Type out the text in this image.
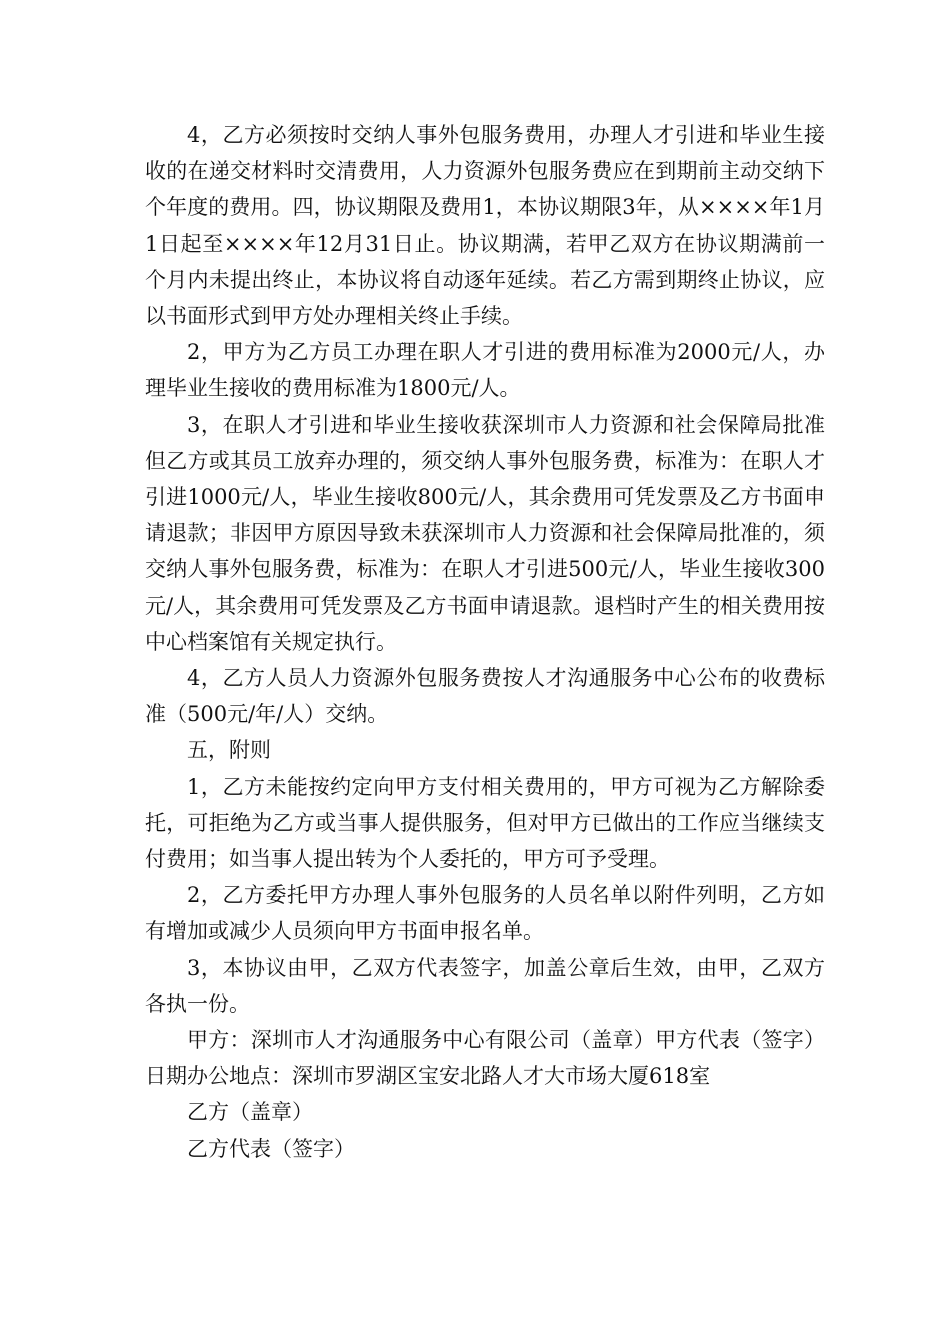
4，乙方必须按时交纳人事外包服务费用，办理人才引进和毕业生接收的在递交材料时交清费用，人力资源外包服务费应在到期前主动交纳下个年度的费用。四，协议期限及费用1，本协议期限3年，从××××年1月1日起至××××年12月31日止。协议期满，若甲乙双方在协议期满前一个月内未提出终止，本协议将自动逐年延续。若乙方需到期终止协议，应以书面形式到甲方处办理相关终止手续。

2，甲方为乙方员工办理在职人才引进的费用标准为2000元/人，办理毕业生接收的费用标准为1800元/人。

3，在职人才引进和毕业生接收获深圳市人力资源和社会保障局批准但乙方或其员工放弃办理的，须交纳人事外包服务费，标准为：在职人才引进1000元/人，毕业生接收800元/人，其余费用可凭发票及乙方书面申请退款；非因甲方原因导致未获深圳市人力资源和社会保障局批准的，须交纳人事外包服务费，标准为：在职人才引进500元/人，毕业生接收300元/人，其余费用可凭发票及乙方书面申请退款。退档时产生的相关费用按中心档案馆有关规定执行。

4，乙方人员人力资源外包服务费按人才沟通服务中心公布的收费标准（500元/年/人）交纳。

五，附则

1，乙方未能按约定向甲方支付相关费用的，甲方可视为乙方解除委托，可拒绝为乙方或当事人提供服务，但对甲方已做出的工作应当继续支付费用；如当事人提出转为个人委托的，甲方可予受理。

2，乙方委托甲方办理人事外包服务的人员名单以附件列明，乙方如有增加或减少人员须向甲方书面申报名单。

3，本协议由甲，乙双方代表签字，加盖公章后生效，由甲，乙双方各执一份。

甲方：深圳市人才沟通服务中心有限公司（盖章）甲方代表（签字）日期办公地点：深圳市罗湖区宝安北路人才大市场大厦618室

乙方（盖章）

乙方代表（签字）
